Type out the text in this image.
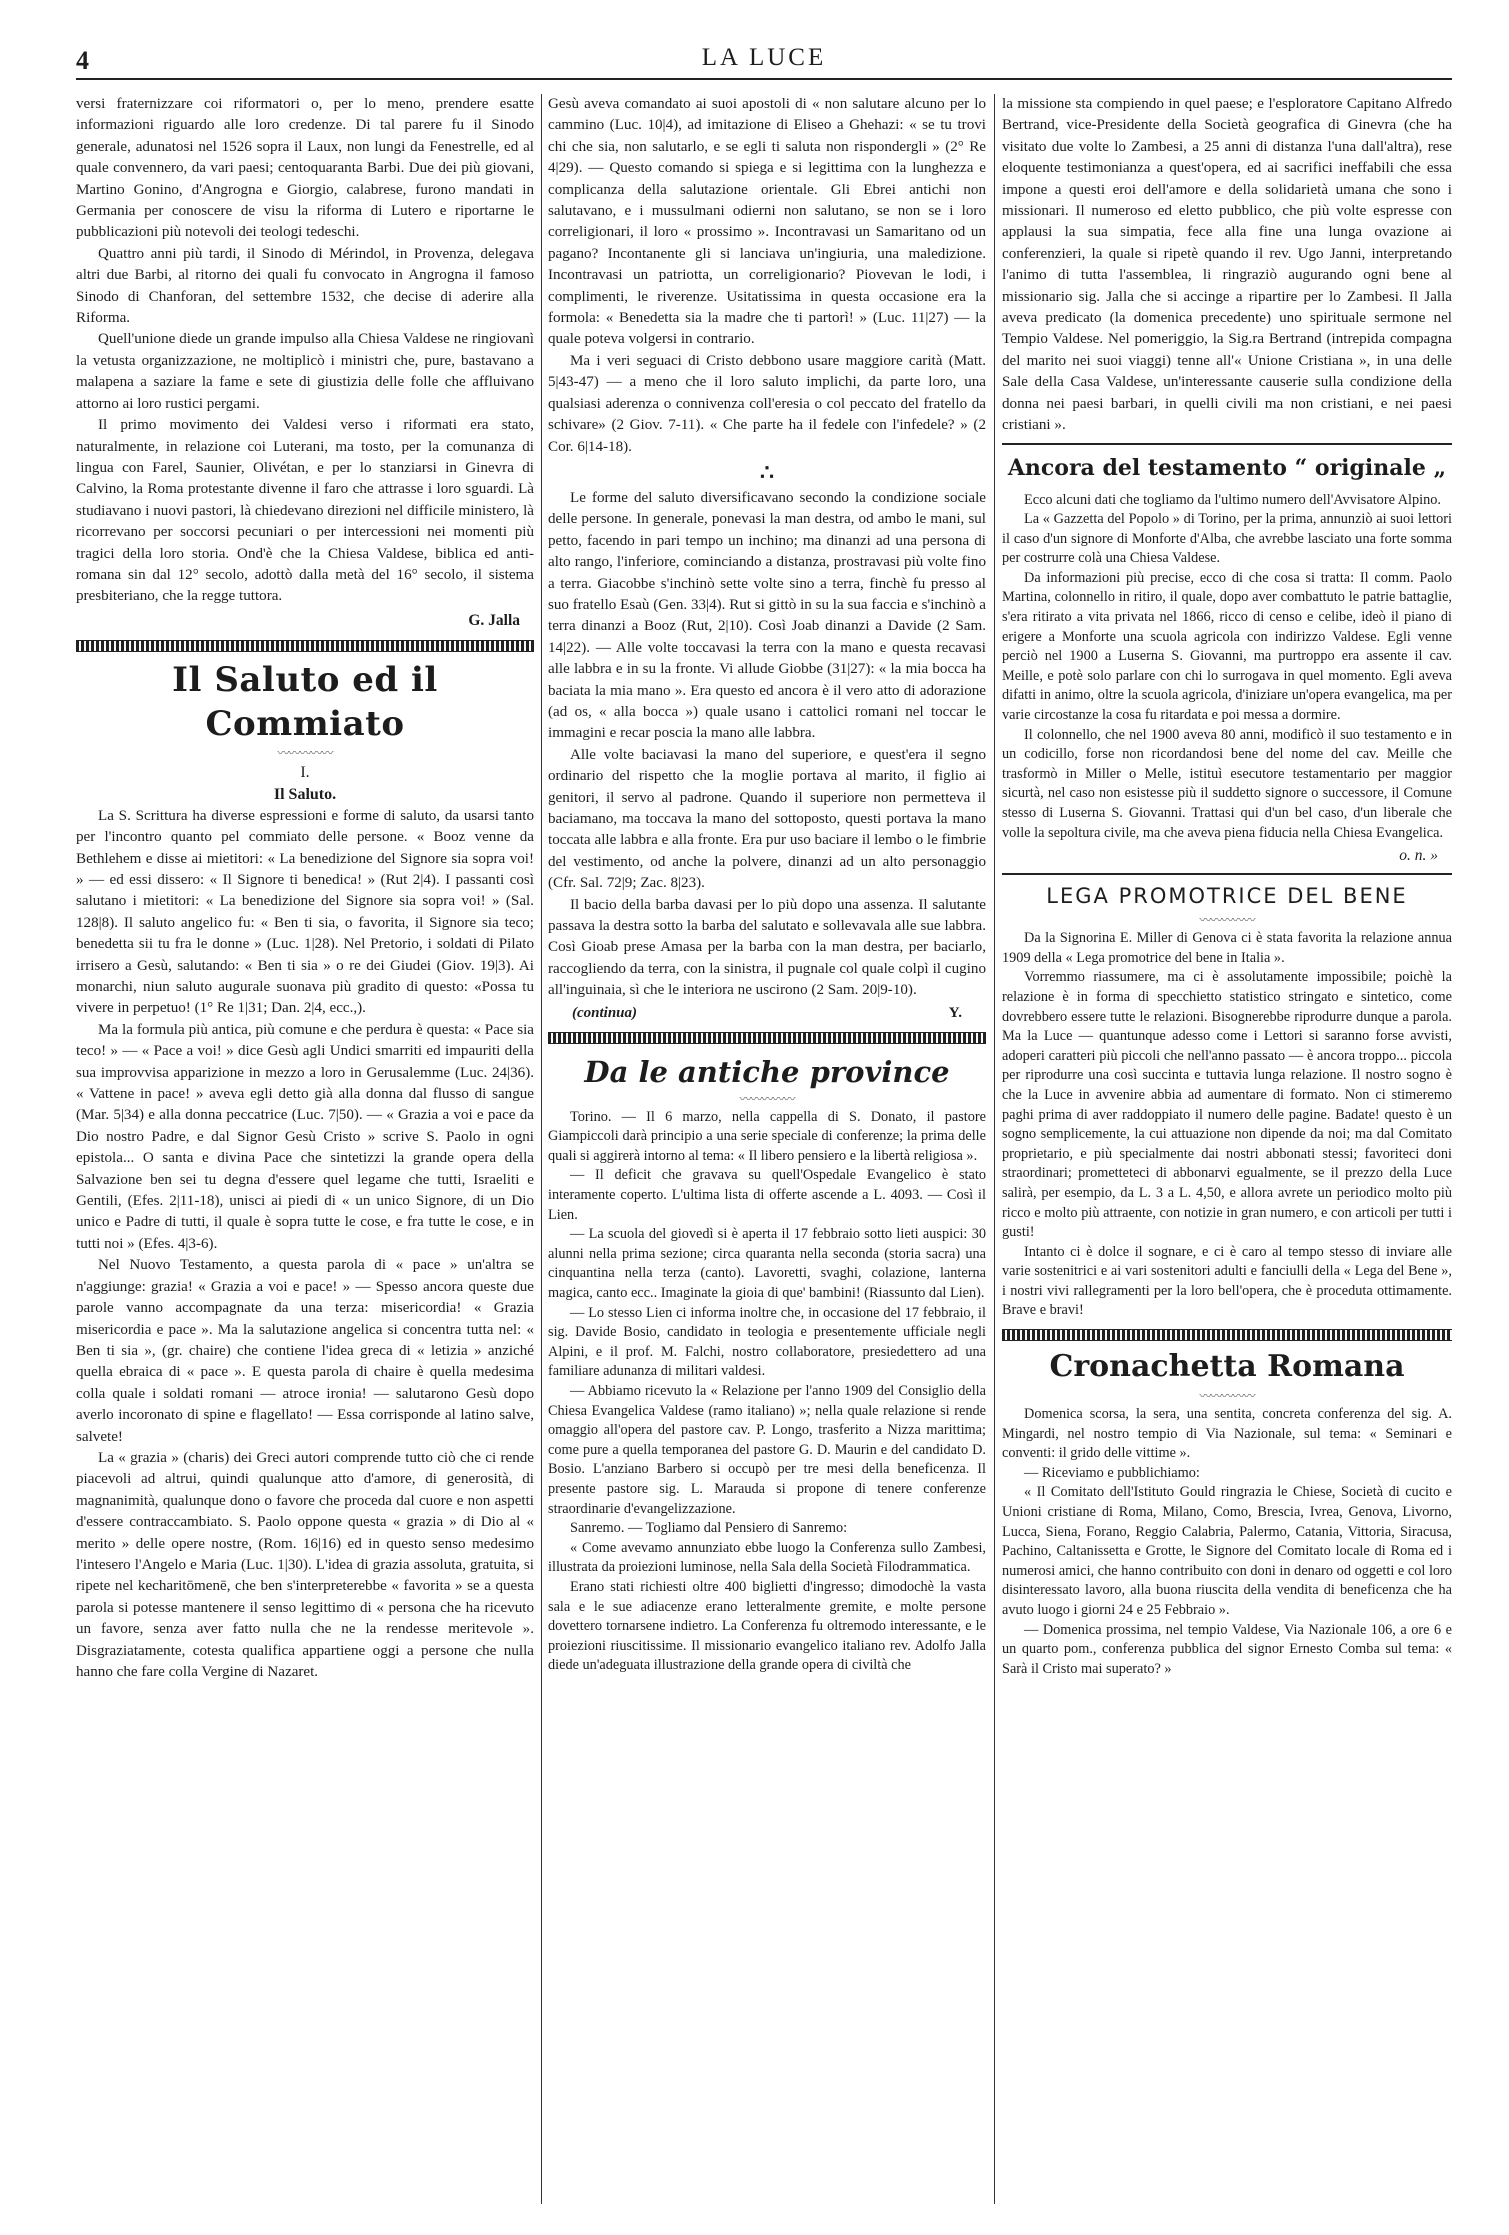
4	LA LUCE

versi fraternizzare coi riformatori o, per lo meno, prendere esatte informazioni riguardo alle loro credenze. Di tal parere fu il Sinodo generale, adunatosi nel 1526 sopra il Laux, non lungi da Fenestrelle, ed al quale convennero, da vari paesi; centoquaranta Barbi. Due dei più giovani, Martino Gonino, d'Angrogna e Giorgio, calabrese, furono mandati in Germania per conoscere de visu la riforma di Lutero e riportarne le pubblicazioni più notevoli dei teologi tedeschi.

Quattro anni più tardi, il Sinodo di Mérindol, in Provenza, delegava altri due Barbi, al ritorno dei quali fu convocato in Angrogna il famoso Sinodo di Chanforan, del settembre 1532, che decise di aderire alla Riforma.

Quell'unione diede un grande impulso alla Chiesa Valdese ne ringiovanì la vetusta organizzazione, ne moltiplicò i ministri che, pure, bastavano a malapena a saziare la fame e sete di giustizia delle folle che affluivano attorno ai loro rustici pergami.

Il primo movimento dei Valdesi verso i riformati era stato, naturalmente, in relazione coi Luterani, ma tosto, per la comunanza di lingua con Farel, Saunier, Olivétan, e per lo stanziarsi in Ginevra di Calvino, la Roma protestante divenne il faro che attrasse i loro sguardi. Là studiavano i nuovi pastori, là chiedevano direzioni nel difficile ministero, là ricorrevano per soccorsi pecuniari o per intercessioni nei momenti più tragici della loro storia. Ond'è che la Chiesa Valdese, biblica ed anti-romana sin dal 12° secolo, adottò dalla metà del 16° secolo, il sistema presbiteriano, che la regge tuttora.

G. Jalla
Il Saluto ed il Commiato
〰〰〰〰〰
I.
Il Saluto.

La S. Scrittura ha diverse espressioni e forme di saluto, da usarsi tanto per l'incontro quanto pel commiato delle persone. « Booz venne da Bethlehem e disse ai mietitori: « La benedizione del Signore sia sopra voi! » — ed essi dissero: « Il Signore ti benedica! » (Rut 2|4). I passanti così salutano i mietitori: « La benedizione del Signore sia sopra voi! » (Sal. 128|8). Il saluto angelico fu: « Ben ti sia, o favorita, il Signore sia teco; benedetta sii tu fra le donne » (Luc. 1|28). Nel Pretorio, i soldati di Pilato irrisero a Gesù, salutando: « Ben ti sia » o re dei Giudei (Giov. 19|3). Ai monarchi, niun saluto augurale suonava più gradito di questo: «Possa tu vivere in perpetuo! (1° Re 1|31; Dan. 2|4, ecc.,).

Ma la formula più antica, più comune e che perdura è questa: « Pace sia teco! » — « Pace a voi! » dice Gesù agli Undici smarriti ed impauriti della sua improvvisa apparizione in mezzo a loro in Gerusalemme (Luc. 24|36). « Vattene in pace! » aveva egli detto già alla donna dal flusso di sangue (Mar. 5|34) e alla donna peccatrice (Luc. 7|50). — « Grazia a voi e pace da Dio nostro Padre, e dal Signor Gesù Cristo » scrive S. Paolo in ogni epistola... O santa e divina Pace che sintetizzi la grande opera della Salvazione ben sei tu degna d'essere quel legame che tutti, Israeliti e Gentili, (Efes. 2|11-18), unisci ai piedi di « un unico Signore, di un Dio unico e Padre di tutti, il quale è sopra tutte le cose, e fra tutte le cose, e in tutti noi » (Efes. 4|3-6).

Nel Nuovo Testamento, a questa parola di « pace » un'altra se n'aggiunge: grazia! « Grazia a voi e pace! » — Spesso ancora queste due parole vanno accompagnate da una terza: misericordia! « Grazia misericordia e pace ». Ma la salutazione angelica si concentra tutta nel: « Ben ti sia », (gr. chaire) che contiene l'idea greca di « letizia » anziché quella ebraica di « pace ». E questa parola di chaire è quella medesima colla quale i soldati romani — atroce ironia! — salutarono Gesù dopo averlo incoronato di spine e flagellato! — Essa corrisponde al latino salve, salvete!

La « grazia » (charis) dei Greci autori comprende tutto ciò che ci rende piacevoli ad altrui, quindi qualunque atto d'amore, di generosità, di magnanimità, qualunque dono o favore che proceda dal cuore e non aspetti d'essere contraccambiato. S. Paolo oppone questa « grazia » di Dio al « merito » delle opere nostre, (Rom. 16|16) ed in questo senso medesimo l'intesero l'Angelo e Maria (Luc. 1|30). L'idea di grazia assoluta, gratuita, si ripete nel kecharitōmenē, che ben s'interpreterebbe « favorita » se a questa parola si potesse mantenere il senso legittimo di « persona che ha ricevuto un favore, senza aver fatto nulla che ne la rendesse meritevole ». Disgraziatamente, cotesta qualifica appartiene oggi a persone che nulla hanno che fare colla Vergine di Nazaret.

Gesù aveva comandato ai suoi apostoli di « non salutare alcuno per lo cammino (Luc. 10|4), ad imitazione di Eliseo a Ghehazi: « se tu trovi chi che sia, non salutarlo, e se egli ti saluta non rispondergli » (2° Re 4|29). — Questo comando si spiega e si legittima con la lunghezza e complicanza della salutazione orientale. Gli Ebrei antichi non salutavano, e i mussulmani odierni non salutano, se non se i loro correligionari, il loro « prossimo ». Incontravasi un Samaritano od un pagano? Incontanente gli si lanciava un'ingiuria, una maledizione. Incontravasi un patriotta, un correligionario? Piovevan le lodi, i complimenti, le riverenze. Usitatissima in questa occasione era la formola: « Benedetta sia la madre che ti partorì! » (Luc. 11|27) — la quale poteva volgersi in contrario.

Ma i veri seguaci di Cristo debbono usare maggiore carità (Matt. 5|43-47) — a meno che il loro saluto implichi, da parte loro, una qualsiasi aderenza o connivenza coll'eresia o col peccato del fratello da schivare» (2 Giov. 7-11). « Che parte ha il fedele con l'infedele? » (2 Cor. 6|14-18).

∴

Le forme del saluto diversificavano secondo la condizione sociale delle persone. In generale, ponevasi la man destra, od ambo le mani, sul petto, facendo in pari tempo un inchino; ma dinanzi ad una persona di alto rango, l'inferiore, cominciando a distanza, prostravasi più volte fino a terra. Giacobbe s'inchinò sette volte sino a terra, finchè fu presso al suo fratello Esaù (Gen. 33|4). Rut si gittò in su la sua faccia e s'inchinò a terra dinanzi a Booz (Rut, 2|10). Così Joab dinanzi a Davide (2 Sam. 14|22). — Alle volte toccavasi la terra con la mano e questa recavasi alle labbra e in su la fronte. Vi allude Giobbe (31|27): « la mia bocca ha baciata la mia mano ». Era questo ed ancora è il vero atto di adorazione (ad os, « alla bocca ») quale usano i cattolici romani nel toccar le immagini e recar poscia la mano alle labbra.

Alle volte baciavasi la mano del superiore, e quest'era il segno ordinario del rispetto che la moglie portava al marito, il figlio ai genitori, il servo al padrone. Quando il superiore non permetteva il baciamano, ma toccava la mano del sottoposto, questi portava la mano toccata alle labbra e alla fronte. Era pur uso baciare il lembo o le fimbrie del vestimento, od anche la polvere, dinanzi ad un alto personaggio (Cfr. Sal. 72|9; Zac. 8|23).

Il bacio della barba davasi per lo più dopo una assenza. Il salutante passava la destra sotto la barba del salutato e sollevavala alle sue labbra. Così Gioab prese Amasa per la barba con la man destra, per baciarlo, raccogliendo da terra, con la sinistra, il pugnale col quale colpì il cugino all'inguinaia, sì che le interiora ne uscirono (2 Sam. 20|9-10).

(continua)	Y.
Da le antiche province
〰〰〰〰〰

Torino. — Il 6 marzo, nella cappella di S. Donato, il pastore Giampiccoli darà principio a una serie speciale di conferenze; la prima delle quali si aggirerà intorno al tema: « Il libero pensiero e la libertà religiosa ».

— Il deficit che gravava su quell'Ospedale Evangelico è stato interamente coperto. L'ultima lista di offerte ascende a L. 4093. — Così il Lien.

— La scuola del giovedì si è aperta il 17 febbraio sotto lieti auspici: 30 alunni nella prima sezione; circa quaranta nella seconda (storia sacra) una cinquantina nella terza (canto). Lavoretti, svaghi, colazione, lanterna magica, canto ecc.. Imaginate la gioia di que' bambini! (Riassunto dal Lien).

— Lo stesso Lien ci informa inoltre che, in occasione del 17 febbraio, il sig. Davide Bosio, candidato in teologia e presentemente ufficiale negli Alpini, e il prof. M. Falchi, nostro collaboratore, presiedettero ad una familiare adunanza di militari valdesi.

— Abbiamo ricevuto la « Relazione per l'anno 1909 del Consiglio della Chiesa Evangelica Valdese (ramo italiano) »; nella quale relazione si rende omaggio all'opera del pastore cav. P. Longo, trasferito a Nizza marittima; come pure a quella temporanea del pastore G. D. Maurin e del candidato D. Bosio. L'anziano Barbero si occupò per tre mesi della beneficenza. Il presente pastore sig. L. Marauda si propone di tenere conferenze straordinarie d'evangelizzazione.

Sanremo. — Togliamo dal Pensiero di Sanremo:

« Come avevamo annunziato ebbe luogo la Conferenza sullo Zambesi, illustrata da proiezioni luminose, nella Sala della Società Filodrammatica.

Erano stati richiesti oltre 400 biglietti d'ingresso; dimodochè la vasta sala e le sue adiacenze erano letteralmente gremite, e molte persone dovettero tornarsene indietro. La Conferenza fu oltremodo interessante, e le proiezioni riuscitissime. Il missionario evangelico italiano rev. Adolfo Jalla diede un'adeguata illustrazione della grande opera di civiltà che

la missione sta compiendo in quel paese; e l'esploratore Capitano Alfredo Bertrand, vice-Presidente della Società geografica di Ginevra (che ha visitato due volte lo Zambesi, a 25 anni di distanza l'una dall'altra), rese eloquente testimonianza a quest'opera, ed ai sacrifici ineffabili che essa impone a questi eroi dell'amore e della solidarietà umana che sono i missionari. Il numeroso ed eletto pubblico, che più volte espresse con applausi la sua simpatia, fece alla fine una lunga ovazione ai conferenzieri, la quale si ripetè quando il rev. Ugo Janni, interpretando l'animo di tutta l'assemblea, li ringraziò augurando ogni bene al missionario sig. Jalla che si accinge a ripartire per lo Zambesi. Il Jalla aveva predicato (la domenica precedente) uno spirituale sermone nel Tempio Valdese. Nel pomeriggio, la Sig.ra Bertrand (intrepida compagna del marito nei suoi viaggi) tenne all'« Unione Cristiana », in una delle Sale della Casa Valdese, un'interessante causerie sulla condizione della donna nei paesi barbari, in quelli civili ma non cristiani, e nei paesi cristiani ».

Ancora del testamento “ originale „

Ecco alcuni dati che togliamo da l'ultimo numero dell'Avvisatore Alpino.

La « Gazzetta del Popolo » di Torino, per la prima, annunziò ai suoi lettori il caso d'un signore di Monforte d'Alba, che avrebbe lasciato una forte somma per costrurre colà una Chiesa Valdese.

Da informazioni più precise, ecco di che cosa si tratta: Il comm. Paolo Martina, colonnello in ritiro, il quale, dopo aver combattuto le patrie battaglie, s'era ritirato a vita privata nel 1866, ricco di censo e celibe, ideò il piano di erigere a Monforte una scuola agricola con indirizzo Valdese. Egli venne perciò nel 1900 a Luserna S. Giovanni, ma purtroppo era assente il cav. Meille, e potè solo parlare con chi lo surrogava in quel momento. Egli aveva difatti in animo, oltre la scuola agricola, d'iniziare un'opera evangelica, ma per varie circostanze la cosa fu ritardata e poi messa a dormire.

Il colonnello, che nel 1900 aveva 80 anni, modificò il suo testamento e in un codicillo, forse non ricordandosi bene del nome del cav. Meille che trasformò in Miller o Melle, istituì esecutore testamentario per maggior sicurtà, nel caso non esistesse più il suddetto signore o successore, il Comune stesso di Luserna S. Giovanni. Trattasi qui d'un bel caso, d'un liberale che volle la sepoltura civile, ma che aveva piena fiducia nella Chiesa Evangelica.

o. n. »
LEGA PROMOTRICE DEL BENE
〰〰〰〰〰

Da la Signorina E. Miller di Genova ci è stata favorita la relazione annua 1909 della « Lega promotrice del bene in Italia ».

Vorremmo riassumere, ma ci è assolutamente impossibile; poichè la relazione è in forma di specchietto statistico stringato e sintetico, come dovrebbero essere tutte le relazioni. Bisognerebbe riprodurre dunque a parola. Ma la Luce — quantunque adesso come i Lettori si saranno forse avvisti, adoperi caratteri più piccoli che nell'anno passato — è ancora troppo... piccola per riprodurre una così succinta e tuttavia lunga relazione. Il nostro sogno è che la Luce in avvenire abbia ad aumentare di formato. Non ci stimeremo paghi prima di aver raddoppiato il numero delle pagine. Badate! questo è un sogno semplicemente, la cui attuazione non dipende da noi; ma dal Comitato proprietario, e più specialmente dai nostri abbonati stessi; favoriteci doni straordinari; prometteteci di abbonarvi egualmente, se il prezzo della Luce salirà, per esempio, da L. 3 a L. 4,50, e allora avrete un periodico molto più ricco e molto più attraente, con notizie in gran numero, e con articoli per tutti i gusti!

Intanto ci è dolce il sognare, e ci è caro al tempo stesso di inviare alle varie sostenitrici e ai vari sostenitori adulti e fanciulli della « Lega del Bene », i nostri vivi rallegramenti per la loro bell'opera, che è proceduta ottimamente. Brave e bravi!

Cronachetta Romana
〰〰〰〰〰

Domenica scorsa, la sera, una sentita, concreta conferenza del sig. A. Mingardi, nel nostro tempio di Via Nazionale, sul tema: « Seminari e conventi: il grido delle vittime ».

— Riceviamo e pubblichiamo:

« Il Comitato dell'Istituto Gould ringrazia le Chiese, Società di cucito e Unioni cristiane di Roma, Milano, Como, Brescia, Ivrea, Genova, Livorno, Lucca, Siena, Forano, Reggio Calabria, Palermo, Catania, Vittoria, Siracusa, Pachino, Caltanissetta e Grotte, le Signore del Comitato locale di Roma ed i numerosi amici, che hanno contribuito con doni in denaro od oggetti e col loro disinteressato lavoro, alla buona riuscita della vendita di beneficenza che ha avuto luogo i giorni 24 e 25 Febbraio ».

— Domenica prossima, nel tempio Valdese, Via Nazionale 106, a ore 6 e un quarto pom., conferenza pubblica del signor Ernesto Comba sul tema: « Sarà il Cristo mai superato? »
